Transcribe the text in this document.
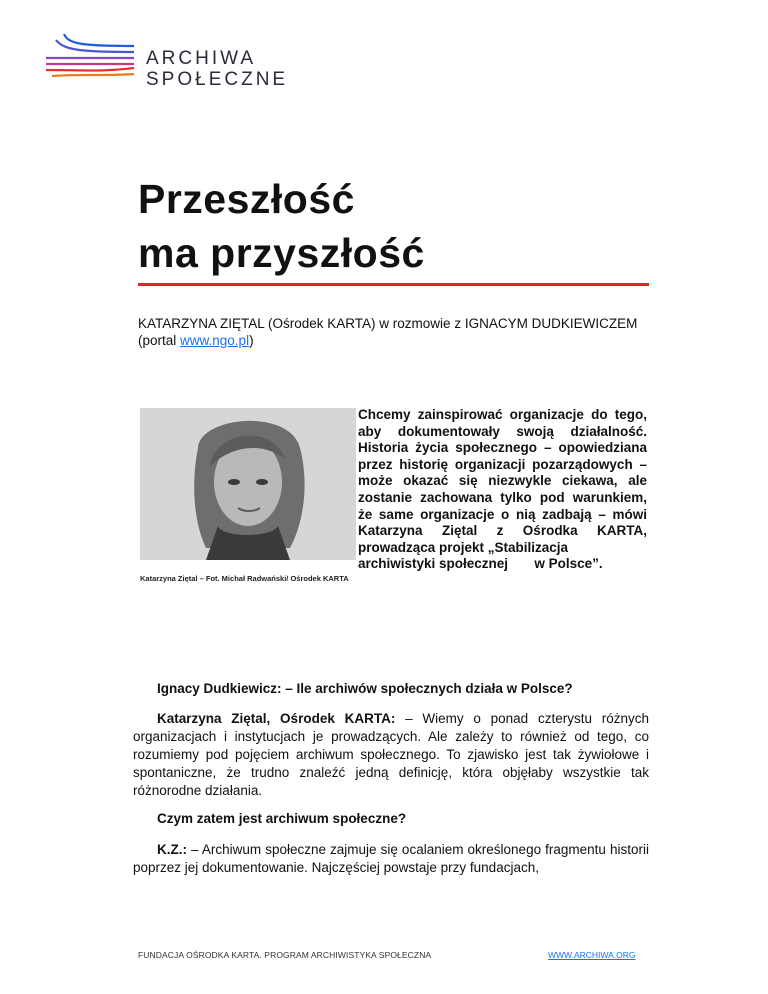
ARCHIWA
SPOŁECZNE
Przeszłość
ma przyszłość
KATARZYNA ZIĘTAL (Ośrodek KARTA) w rozmowie z IGNACYM DUDKIEWICZEM (portal www.ngo.pl)
Katarzyna Ziętal – Fot. Michał Radwański/ Ośrodek KARTA
Chcemy zainspirować organizacje do tego, aby dokumentowały swoją działalność. Historia życia społecznego – opowiedziana przez historię organizacji pozarządowych – może okazać się niezwykle ciekawa, ale zostanie zachowana tylko pod warunkiem, że same organizacje o nią zadbają – mówi Katarzyna Ziętal z Ośrodka KARTA, prowadząca projekt „Stabilizacja
archiwistyki społecznej       w Polsce”.
Ignacy Dudkiewicz: – Ile archiwów społecznych działa w Polsce?
Katarzyna Ziętal, Ośrodek KARTA: – Wiemy o ponad czterystu różnych organizacjach i instytucjach je prowadzących. Ale zależy to również od tego, co rozumiemy pod pojęciem archiwum społecznego. To zjawisko jest tak żywiołowe i spontaniczne, że trudno znaleźć jedną definicję, która objęłaby wszystkie tak różnorodne działania.
Czym zatem jest archiwum społeczne?
K.Z.: – Archiwum społeczne zajmuje się ocalaniem określonego fragmentu historii poprzez jej dokumentowanie. Najczęściej powstaje przy fundacjach,
FUNDACJA OŚRODKA KARTA. PROGRAM ARCHIWISTYKA SPOŁECZNA	WWW.ARCHIWA.ORG
